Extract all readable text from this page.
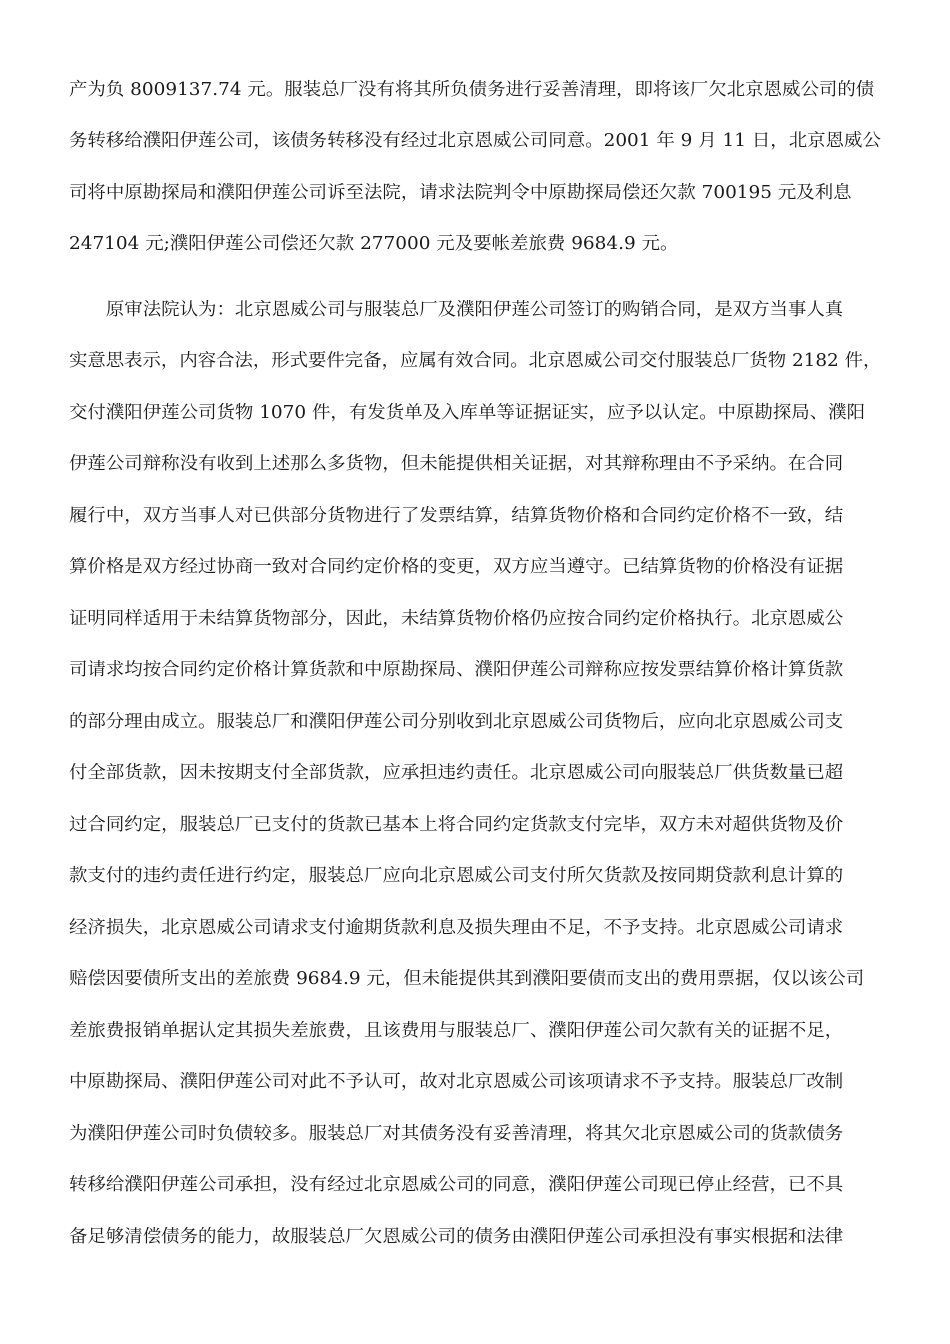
产为负 8009137.74 元。服装总厂没有将其所负债务进行妥善清理，即将该厂欠北京恩威公司的债
务转移给濮阳伊莲公司，该债务转移没有经过北京恩威公司同意。2001 年 9 月 11 日，北京恩威公
司将中原勘探局和濮阳伊莲公司诉至法院，请求法院判令中原勘探局偿还欠款 700195 元及利息
247104 元;濮阳伊莲公司偿还欠款 277000 元及要帐差旅费 9684.9 元。
　　原审法院认为：北京恩威公司与服装总厂及濮阳伊莲公司签订的购销合同，是双方当事人真
实意思表示，内容合法，形式要件完备，应属有效合同。北京恩威公司交付服装总厂货物 2182 件，
交付濮阳伊莲公司货物 1070 件，有发货单及入库单等证据证实，应予以认定。中原勘探局、濮阳
伊莲公司辩称没有收到上述那么多货物，但未能提供相关证据，对其辩称理由不予采纳。在合同
履行中，双方当事人对已供部分货物进行了发票结算，结算货物价格和合同约定价格不一致，结
算价格是双方经过协商一致对合同约定价格的变更，双方应当遵守。已结算货物的价格没有证据
证明同样适用于未结算货物部分，因此，未结算货物价格仍应按合同约定价格执行。北京恩威公
司请求均按合同约定价格计算货款和中原勘探局、濮阳伊莲公司辩称应按发票结算价格计算货款
的部分理由成立。服装总厂和濮阳伊莲公司分别收到北京恩威公司货物后，应向北京恩威公司支
付全部货款，因未按期支付全部货款，应承担违约责任。北京恩威公司向服装总厂供货数量已超
过合同约定，服装总厂已支付的货款已基本上将合同约定货款支付完毕，双方未对超供货物及价
款支付的违约责任进行约定，服装总厂应向北京恩威公司支付所欠货款及按同期贷款利息计算的
经济损失，北京恩威公司请求支付逾期货款利息及损失理由不足，不予支持。北京恩威公司请求
赔偿因要债所支出的差旅费 9684.9 元，但未能提供其到濮阳要债而支出的费用票据，仅以该公司
差旅费报销单据认定其损失差旅费，且该费用与服装总厂、濮阳伊莲公司欠款有关的证据不足，
中原勘探局、濮阳伊莲公司对此不予认可，故对北京恩威公司该项请求不予支持。服装总厂改制
为濮阳伊莲公司时负债较多。服装总厂对其债务没有妥善清理，将其欠北京恩威公司的货款债务
转移给濮阳伊莲公司承担，没有经过北京恩威公司的同意，濮阳伊莲公司现已停止经营，已不具
备足够清偿债务的能力，故服装总厂欠恩威公司的债务由濮阳伊莲公司承担没有事实根据和法律
